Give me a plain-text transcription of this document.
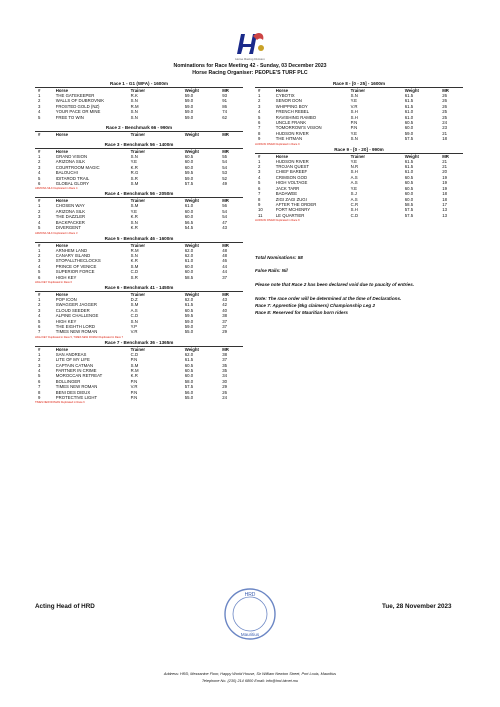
Horse Racing Division
Nominations for Race Meeting 42 - Sunday, 03 December 2023
Horse Racing Organiser: PEOPLE'S TURF PLC
Race 1 - G1 (WFA) - 1600m
#	Horse	Trainer	Weight	MR
1	THE GATEKEEPER	R.K	59.0	93
2	WALLS OF DUBROVNIK	S.N	59.0	91
3	FROSTED GOLD (NZ)	R.M	59.0	86
4	YOUR PACE OR MINE	S.N	59.0	74
5	FREE TO WIN	S.N	59.0	62
Race 2 - Benchmark 66 - 990m
#	Horse	Trainer	Weight	MR
Race 3 - Benchmark 56 - 1400m
#	Horse	Trainer	Weight	MR
1	GRAND VISION	S.N	60.5	55
2	ARIZONA SILK	Y.E	60.0	54
3	COURTROOM MAGIC	K.R	60.0	54
4	BALOUCHI	R.G	59.5	53
5	IDITAROD TRAIL	S.R	59.0	52
6	GLOBAL GLORY	S.M	57.5	49
ARIZONA SILK Duplicated in Race 4
Race 4 - Benchmark 56 - 2050m
#	Horse	Trainer	Weight	MR
1	CHOSEN WAY	S.M	61.0	56
2	ARIZONA SILK	Y.E	60.0	54
3	THE DAZZLER	K.R	60.0	54
4	BACKPACKER	S.N	56.5	47
5	DIVERGENT	K.R	54.5	43
ARIZONA SILK Duplicated in Race 3
Race 5 - Benchmark 46 - 1600m
#	Horse	Trainer	Weight	MR
1	ARNHEM LAND	R.M	62.0	48
2	CANARY ISLAND	S.N	62.0	48
3	STOPALLTHECLOCKS	K.R	61.0	46
4	PRINCE OF VENICE	S.M	60.0	44
5	SUPERIOR FORCE	C.D	60.0	44
6	HIGH KEY	S.R	58.5	37
HIGH KEY Duplicated in Race 6
Race 6 - Benchmark 41 - 1450m
#	Horse	Trainer	Weight	MR
1	POP ICON	D.Z	62.0	43
2	SWAGGER JAGGER	S.M	61.5	42
3	CLOUD SEEDER	A.S	60.5	40
4	ALPINE CHALLENGE	C.D	59.5	38
5	HIGH KEY	S.N	59.0	37
6	THE EIGHTH LORD	Y.P	59.0	37
7	TIMES NEW ROMAN	V.R	55.0	29
HIGH KEY Duplicated in Race 5, TIMES NEW ROMAN Duplicated in Race 7
Race 7 - Benchmark 36 - 1365m
#	Horse	Trainer	Weight	MR
1	SAN ANDREAS	C.D	62.0	38
2	LITE OF MY LIFE	P.N	61.5	37
3	CAPTAIN CATMAN	S.M	60.5	35
4	PARTNER IN CRIME	R.M	60.5	35
5	MOROCCAN RETREAT	K.R	60.0	34
6	BOLLINGER	P.N	58.0	30
7	TIMES NEW ROMAN	V.R	57.5	29
8	BENI DES DIEUX	P.N	56.0	26
9	PROTECTIVE LIGHT	P.N	55.0	24
TIMES NEW ROMAN Duplicated in Race 6
Race 8 - [0 - 25] - 1600m
#	Horse	Trainer	Weight	MR
1	CYBOTIX	S.N	61.5	26
2	SENOR DON	Y.E	61.5	26
3	WHIPPING BOY	V.R	61.5	26
4	FRENCH REBEL	S.H	61.0	25
5	RAVISHING RAMBO	S.H	61.0	25
6	UNCLE FRANK	P.N	60.5	24
7	TOMORROW'S VISION	P.N	60.0	23
8	HUDSON RIVER	Y.E	59.0	21
9	THE HITMAN	S.N	57.5	18
HUDSON RIVER Duplicated in Race 9
Race 9 - [0 - 20] - 990m
#	Horse	Trainer	Weight	MR
1	HUDSON RIVER	Y.E	61.5	21
2	TROJAN QUEST	N.R	61.5	21
3	CHIEF BAREEF	S.H	61.0	20
4	CRIMSON GOD	A.S	60.5	19
5	HIGH VOLTAGE	A.S	60.5	19
6	JACK TARR	Y.E	60.5	19
7	BADAWEE	S.J	60.0	18
8	ZIGI ZAGI ZUGI	A.S	60.0	18
9	AFTER THE ORDER	C.R	58.5	17
10	FORT MCHENRY	S.H	57.5	13
11	LE QUARTIER	C.D	57.5	13
HUDSON RIVER Duplicated in Race 8
Total Nominations: 58
False Rails: Nil
Please note that Race 2 has been declared void due to paucity of entries.
Note: The race order will be determined at the time of Declarations.
Race 7: Apprentice (6kg claimers) Championship Leg 2
Race 8: Reserved for Mauritian born riders
HRD
Mauritius
Acting Head of HRD	Tue, 28 November 2023
Address: HRD, Mezzanine Floor, Happy World House, Sir William Newton Street, Port Louis, Mauritius
Telephone No. (230) 214 6800 Email: info@hrd.bimet.mu
